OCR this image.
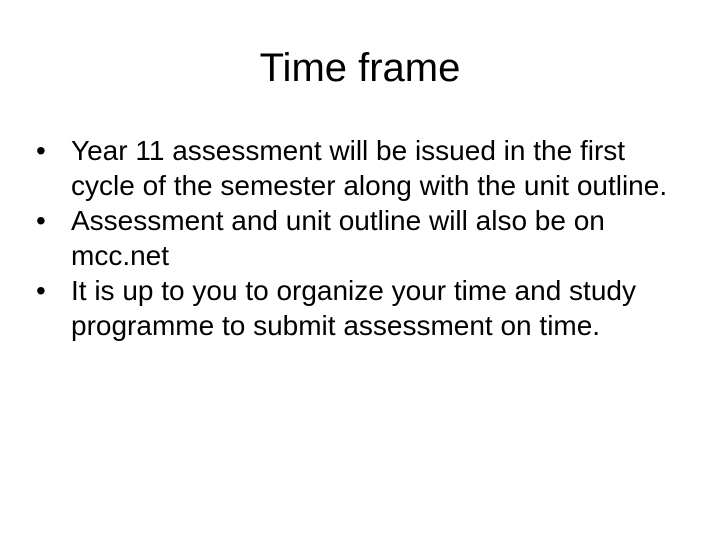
Time frame
• Year 11 assessment will be issued in the first cycle of the semester along with the unit outline.
• Assessment and unit outline will also be on mcc.net
• It is up to you to organize your time and study programme to submit assessment on time.
